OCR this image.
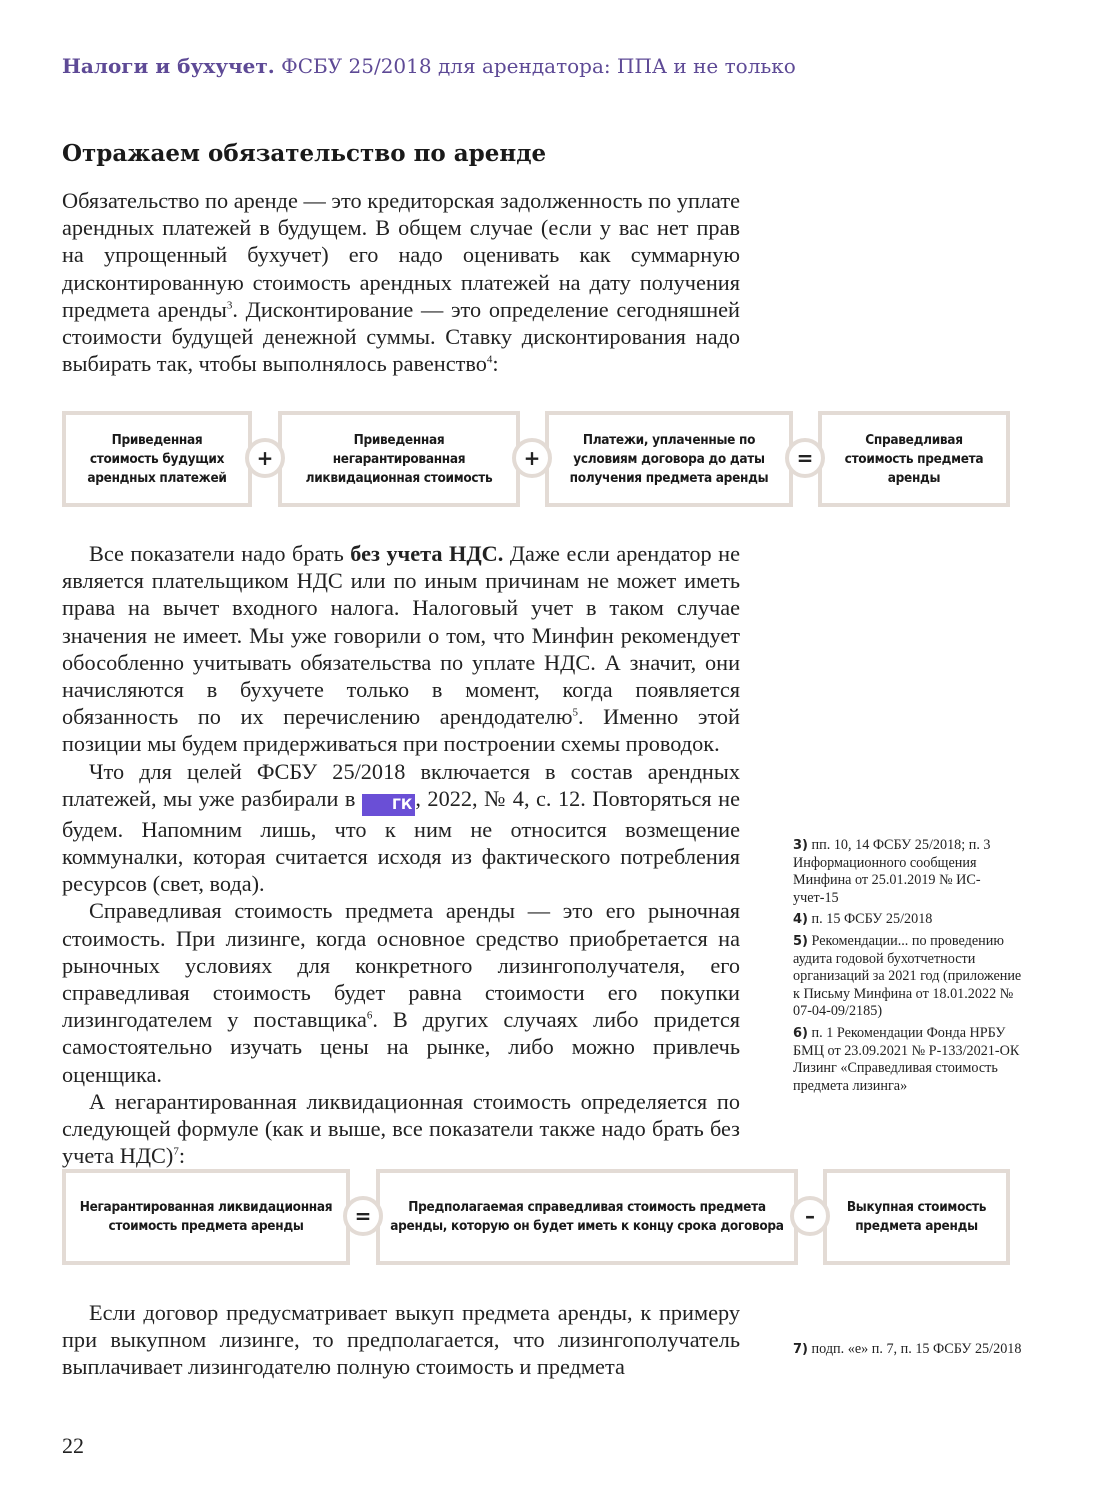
Налоги и бухучет. ФСБУ 25/2018 для арендатора: ППА и не только
Отражаем обязательство по аренде

Обязательство по аренде — это кредиторская задолженность по уплате арендных платежей в будущем. В общем случае (если у вас нет прав на упрощенный бухучет) его надо оценивать как суммарную дисконтированную стоимость арендных платежей на дату получения предмета аренды$^3$. Дисконтирование — это определение сегодняшней стоимости будущей денежной суммы. Ставку дисконтирования надо выбирать так, чтобы выполнялось равенство$^4$:

Приведенная стоимость будущих арендных платежей
+
Приведенная негарантированная ликвидационная стоимость
+
Платежи, уплаченные по условиям договора до даты получения предмета аренды
=
Справедливая стоимость предмета аренды

Все показатели надо брать без учета НДС. Даже если арендатор не является плательщиком НДС или по иным причинам не может иметь права на вычет входного налога. Налоговый учет в таком случае значения не имеет. Мы уже говорили о том, что Минфин рекомендует обособленно учитывать обязательства по уплате НДС. А значит, они начисляются в бухучете только в момент, когда появляется обязанность по их перечислению арендодателю$^5$. Именно этой позиции мы будем придерживаться при построении схемы проводок.

Что для целей ФСБУ 25/2018 включается в состав арендных платежей, мы уже разбирали в ГК , 2022, № 4, с. 12. Повторяться не будем. Напомним лишь, что к ним не относится возмещение коммуналки, которая считается исходя из фактического потребления ресурсов (свет, вода).

Справедливая стоимость предмета аренды — это его рыночная стоимость. При лизинге, когда основное средство приобретается на рыночных условиях для конкретного лизингополучателя, его справедливая стоимость будет равна стоимости его покупки лизингодателем у поставщика$^6$. В других случаях либо придется самостоятельно изучать цены на рынке, либо можно привлечь оценщика.

А негарантированная ликвидационная стоимость определяется по следующей формуле (как и выше, все показатели также надо брать без учета НДС)$^7$:

Негарантированная ликвидационная стоимость предмета аренды	=	Предполагаемая справедливая стоимость предмета аренды, которую он будет иметь к концу срока договора	–	Выкупная стоимость предмета аренды

Если договор предусматривает выкуп предмета аренды, к примеру при выкупном лизинге, то предполагается, что лизингополучатель выплачивает лизингодателю полную стоимость и предмета

3) пп. 10, 14 ФСБУ 25/2018; п. 3 Информационного сообщения Минфина от 25.01.2019 № ИС-учет-15
4) п. 15 ФСБУ 25/2018
5) Рекомендации... по проведению аудита годовой бухотчетности организаций за 2021 год (приложение к Письму Минфина от 18.01.2022 № 07-04-09/2185)
6) п. 1 Рекомендации Фонда НРБУ БМЦ от 23.09.2021 № Р-133/2021-ОК Лизинг «Справедливая стоимость предмета лизинга»
7) подп. «е» п. 7, п. 15 ФСБУ 25/2018
22
